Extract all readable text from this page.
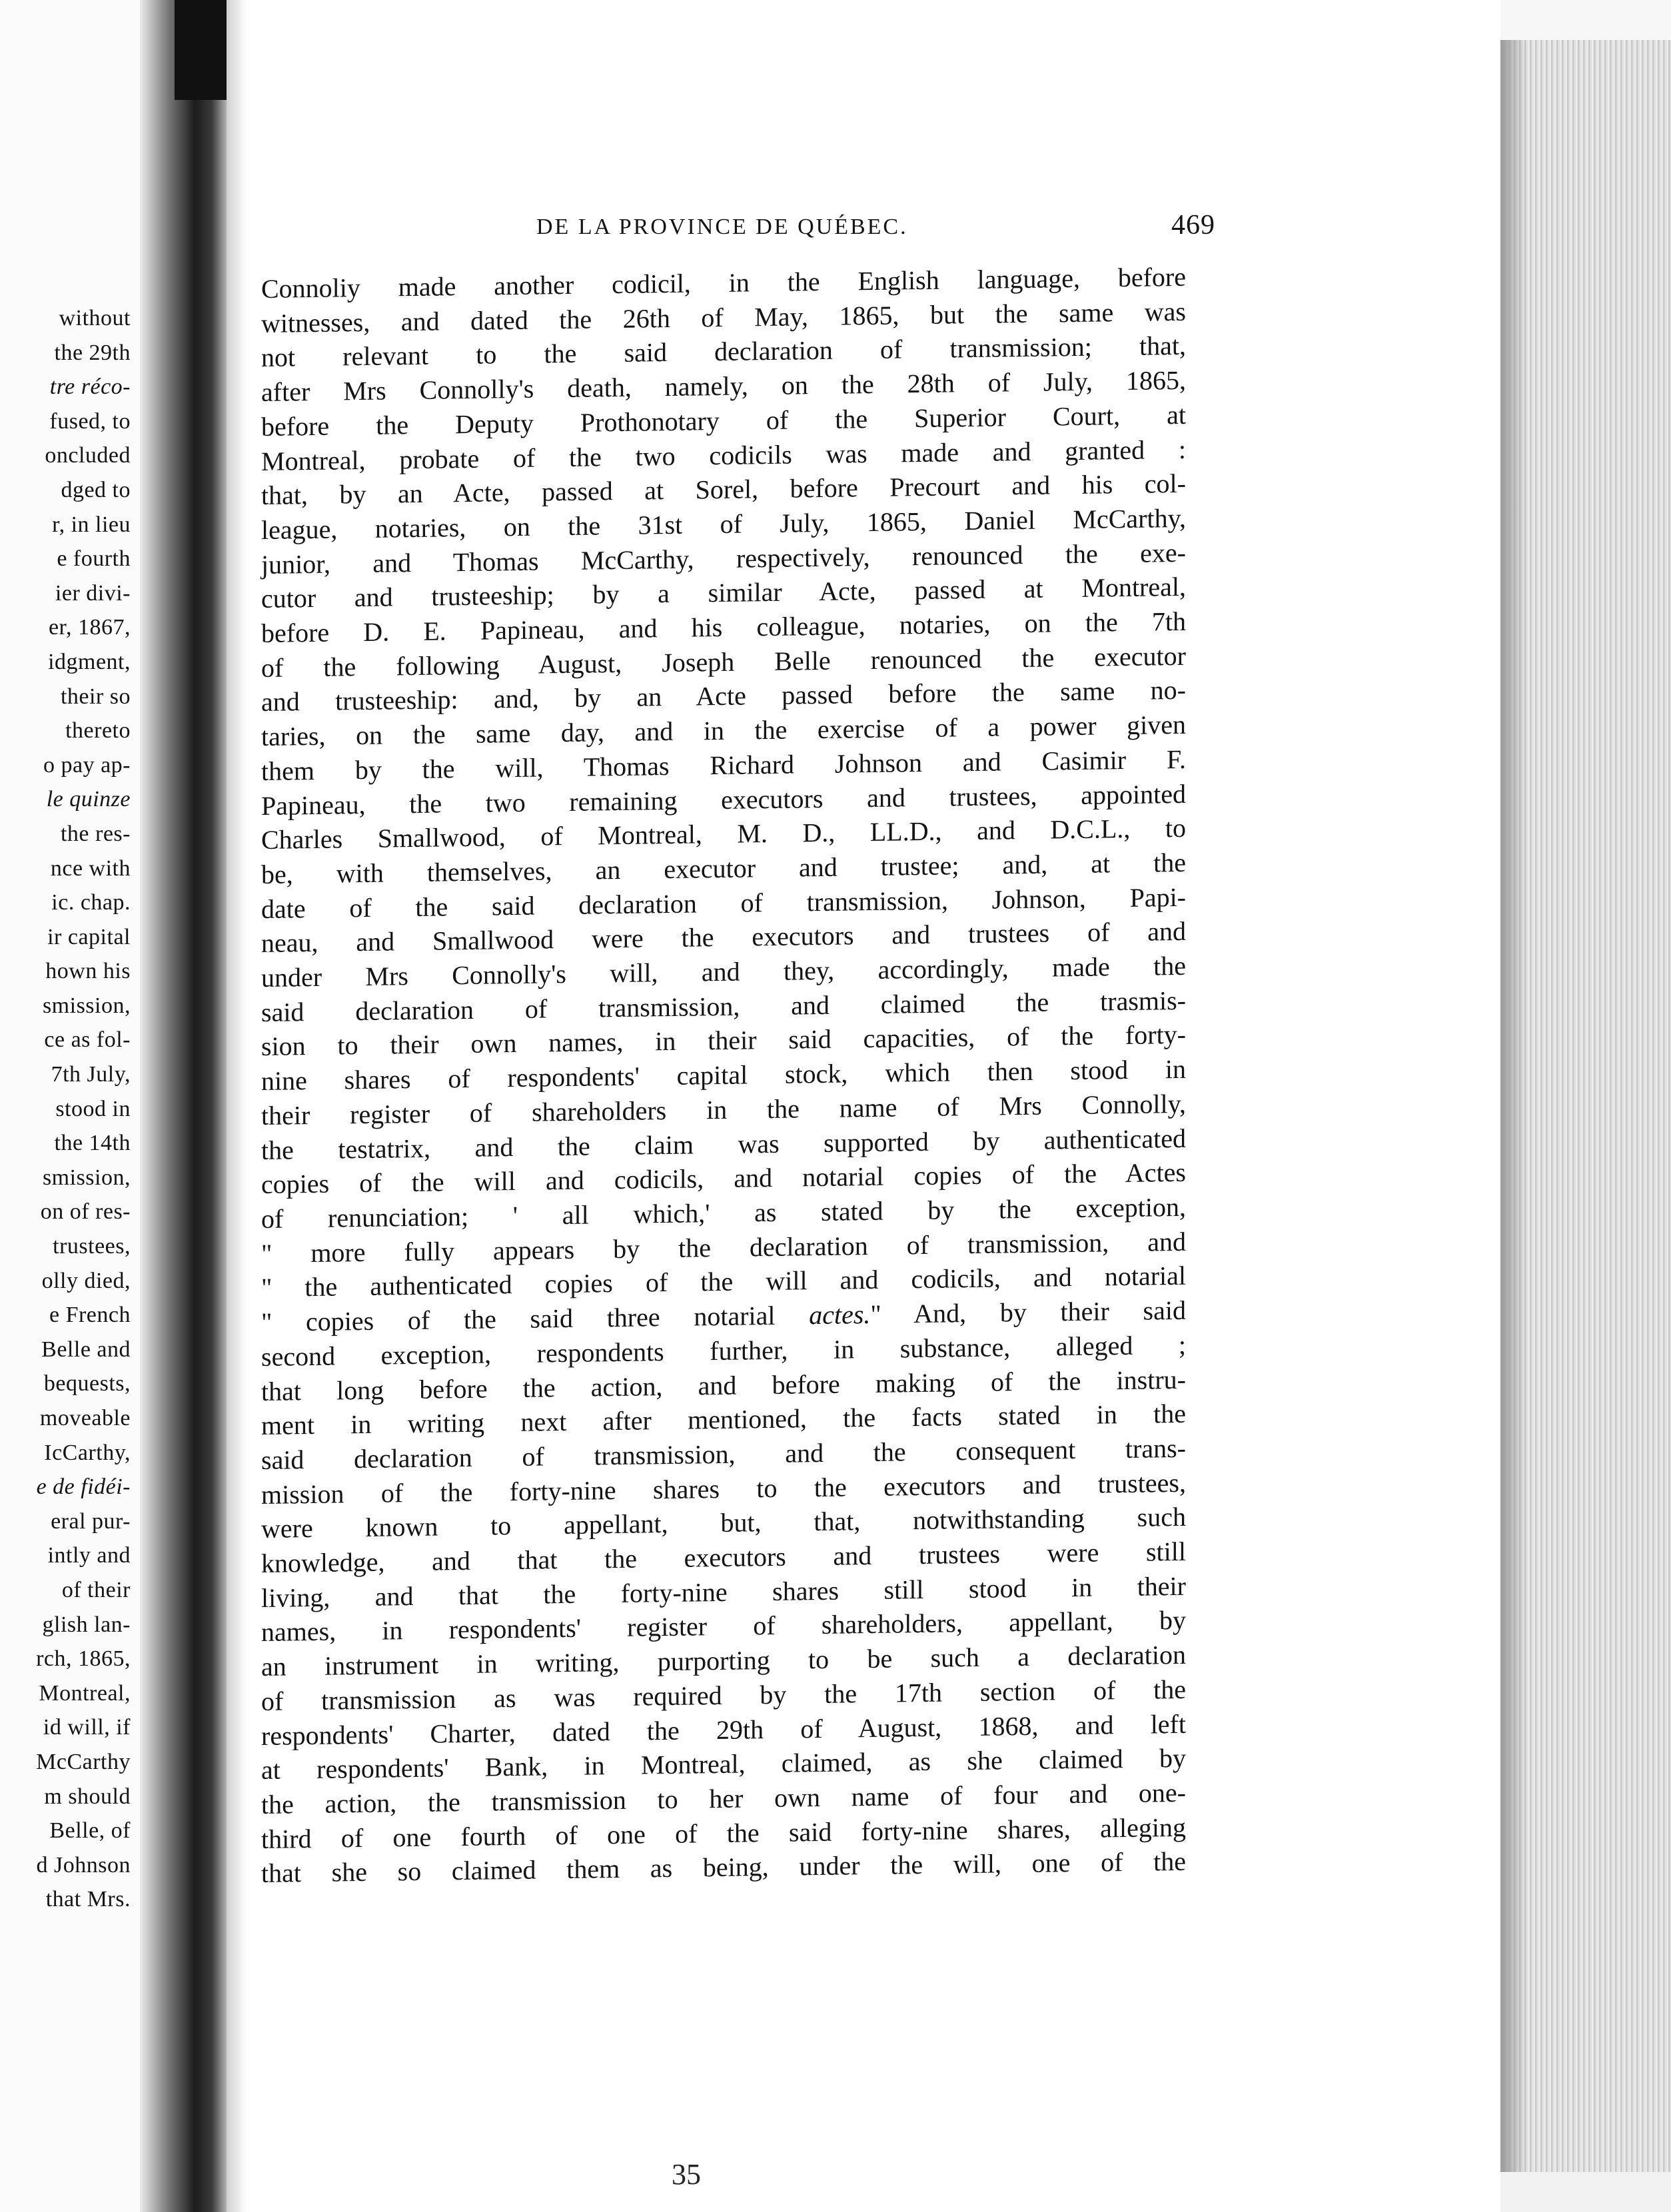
without
the 29th
tre réco-
fused, to
oncluded
dged to
r, in lieu
e fourth
ier divi-
er, 1867,
idgment,
their so
thereto
o pay ap-
le quinze
the res-
nce with
ic. chap.
ir capital
hown his
smission,
ce as fol-
7th July,
stood in
the 14th
smission,
on of res-
trustees,
olly died,
e French
Belle and
bequests,
moveable
IcCarthy,
e de fidéi-
eral pur-
intly and
of their
glish lan-
rch, 1865,
Montreal,
id will, if
McCarthy
m should
Belle, of
d Johnson
that Mrs.
DE LA PROVINCE DE QUÉBEC.	469
Connoliy made another codicil, in the English language, before
witnesses, and dated the 26th of May, 1865, but the same was
not relevant to the said declaration of transmission; that,
after Mrs Connolly's death, namely, on the 28th of July, 1865,
before the Deputy Prothonotary of the Superior Court, at
Montreal, probate of the two codicils was made and granted :
that, by an Acte, passed at Sorel, before Precourt and his col-
league, notaries, on the 31st of July, 1865, Daniel McCarthy,
junior, and Thomas McCarthy, respectively, renounced the exe-
cutor and trusteeship; by a similar Acte, passed at Montreal,
before D. E. Papineau, and his colleague, notaries, on the 7th
of the following August, Joseph Belle renounced the executor
and trusteeship: and, by an Acte passed before the same no-
taries, on the same day, and in the exercise of a power given
them by the will, Thomas Richard Johnson and Casimir F.
Papineau, the two remaining executors and trustees, appointed
Charles Smallwood, of Montreal, M. D., LL.D., and D.C.L., to
be, with themselves, an executor and trustee; and, at the
date of the said declaration of transmission, Johnson, Papi-
neau, and Smallwood were the executors and trustees of and
under Mrs Connolly's will, and they, accordingly, made the
said declaration of transmission, and claimed the trasmis-
sion to their own names, in their said capacities, of the forty-
nine shares of respondents' capital stock, which then stood in
their register of shareholders in the name of Mrs Connolly,
the testatrix, and the claim was supported by authenticated
copies of the will and codicils, and notarial copies of the Actes
of renunciation; ' all which,' as stated by the exception,
" more fully appears by the declaration of transmission, and
" the authenticated copies of the will and codicils, and notarial
" copies of the said three notarial actes." And, by their said
second exception, respondents further, in substance, alleged ;
that long before the action, and before making of the instru-
ment in writing next after mentioned, the facts stated in the
said declaration of transmission, and the consequent trans-
mission of the forty-nine shares to the executors and trustees,
were known to appellant, but, that, notwithstanding such
knowledge, and that the executors and trustees were still
living, and that the forty-nine shares still stood in their
names, in respondents' register of shareholders, appellant, by
an instrument in writing, purporting to be such a declaration
of transmission as was required by the 17th section of the
respondents' Charter, dated the 29th of August, 1868, and left
at respondents' Bank, in Montreal, claimed, as she claimed by
the action, the transmission to her own name of four and one-
third of one fourth of one of the said forty-nine shares, alleging
that she so claimed them as being, under the will, one of the
35
